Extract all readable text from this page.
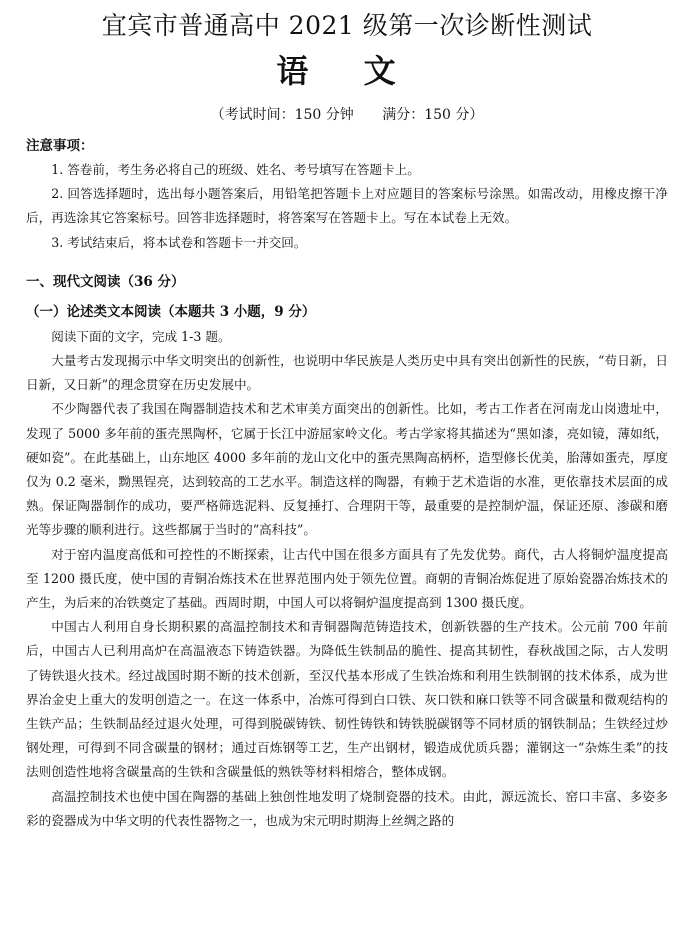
宜宾市普通高中 2021 级第一次诊断性测试
语 文
（考试时间：150 分钟 满分：150 分）
注意事项：

1. 答卷前，考生务必将自己的班级、姓名、考号填写在答题卡上。

2. 回答选择题时，选出每小题答案后，用铅笔把答题卡上对应题目的答案标号涂黑。如需改动，用橡皮擦干净后，再选涂其它答案标号。回答非选择题时，将答案写在答题卡上。写在本试卷上无效。

3. 考试结束后，将本试卷和答题卡一并交回。

一、现代文阅读（36 分）
（一）论述类文本阅读（本题共 3 小题，9 分）

阅读下面的文字，完成 1-3 题。

大量考古发现揭示中华文明突出的创新性，也说明中华民族是人类历史中具有突出创新性的民族，“苟日新，日日新，又日新”的理念贯穿在历史发展中。

不少陶器代表了我国在陶器制造技术和艺术审美方面突出的创新性。比如，考古工作者在河南龙山岗遗址中，发现了 5000 多年前的蛋壳黑陶杯，它属于长江中游屈家岭文化。考古学家将其描述为“黑如漆，亮如镜，薄如纸，硬如瓷”。在此基础上，山东地区 4000 多年前的龙山文化中的蛋壳黑陶高柄杯，造型修长优美，胎薄如蛋壳，厚度仅为 0.2 毫米，黝黑锃亮，达到较高的工艺水平。制造这样的陶器，有赖于艺术造诣的水准，更依靠技术层面的成熟。保证陶器制作的成功，要严格筛选泥料、反复捶打、合理阴干等，最重要的是控制炉温，保证还原、渗碳和磨光等步骤的顺利进行。这些都属于当时的“高科技”。

对于窑内温度高低和可控性的不断探索，让古代中国在很多方面具有了先发优势。商代，古人将铜炉温度提高至 1200 摄氏度，使中国的青铜冶炼技术在世界范围内处于领先位置。商朝的青铜冶炼促进了原始瓷器冶炼技术的产生，为后来的冶铁奠定了基础。西周时期，中国人可以将铜炉温度提高到 1300 摄氏度。

中国古人利用自身长期积累的高温控制技术和青铜器陶范铸造技术，创新铁器的生产技术。公元前 700 年前后，中国古人已利用高炉在高温液态下铸造铁器。为降低生铁制品的脆性、提高其韧性，春秋战国之际，古人发明了铸铁退火技术。经过战国时期不断的技术创新，至汉代基本形成了生铁冶炼和利用生铁制钢的技术体系，成为世界冶金史上重大的发明创造之一。在这一体系中，冶炼可得到白口铁、灰口铁和麻口铁等不同含碳量和微观结构的生铁产品；生铁制品经过退火处理，可得到脱碳铸铁、韧性铸铁和铸铁脱碳钢等不同材质的钢铁制品；生铁经过炒钢处理，可得到不同含碳量的钢材；通过百炼钢等工艺，生产出钢材，锻造成优质兵器；灌钢这一“杂炼生柔”的技法则创造性地将含碳量高的生铁和含碳量低的熟铁等材料相熔合，整体成钢。

高温控制技术也使中国在陶器的基础上独创性地发明了烧制瓷器的技术。由此，源远流长、窑口丰富、多姿多彩的瓷器成为中华文明的代表性器物之一，也成为宋元明时期海上丝绸之路的
